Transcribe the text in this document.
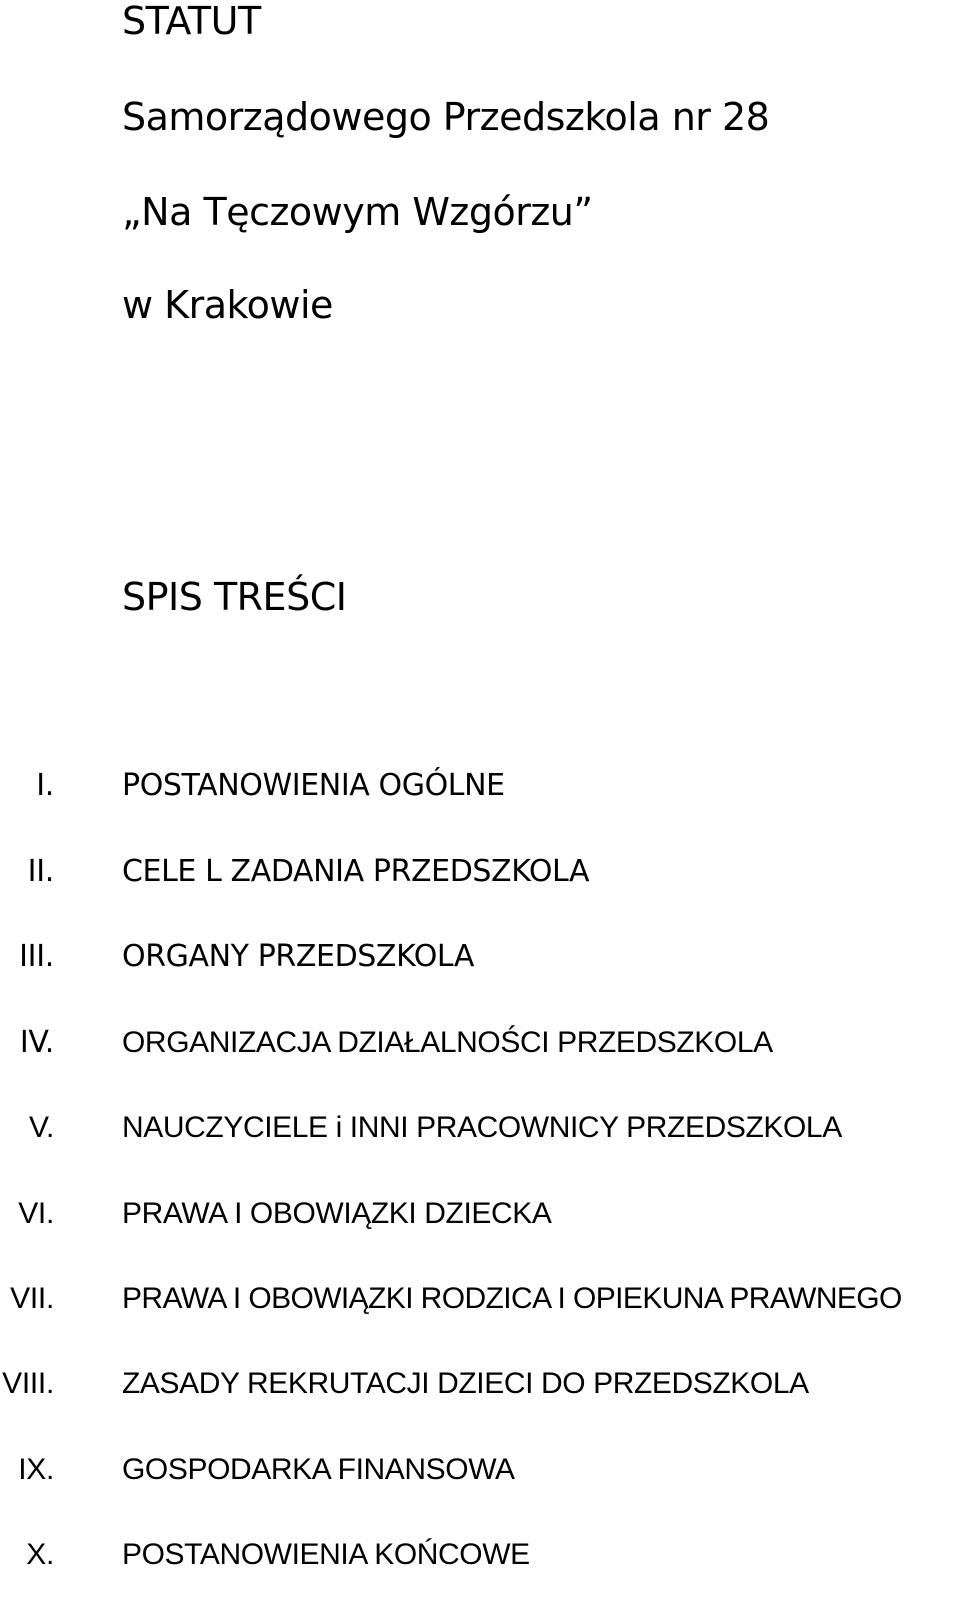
STATUT
Samorządowego Przedszkola nr 28
„Na Tęczowym Wzgórzu”
w Krakowie
SPIS TREŚCI
I. POSTANOWIENIA OGÓLNE
II. CELE L ZADANIA PRZEDSZKOLA
III. ORGANY PRZEDSZKOLA
IV. ORGANIZACJA DZIAŁALNOŚCI PRZEDSZKOLA
V. NAUCZYCIELE i INNI PRACOWNICY PRZEDSZKOLA
VI. PRAWA I OBOWIĄZKI DZIECKA
VII. PRAWA I OBOWIĄZKI RODZICA I OPIEKUNA PRAWNEGO
VIII. ZASADY REKRUTACJI DZIECI DO PRZEDSZKOLA
IX. GOSPODARKA FINANSOWA
X. POSTANOWIENIA KOŃCOWE
